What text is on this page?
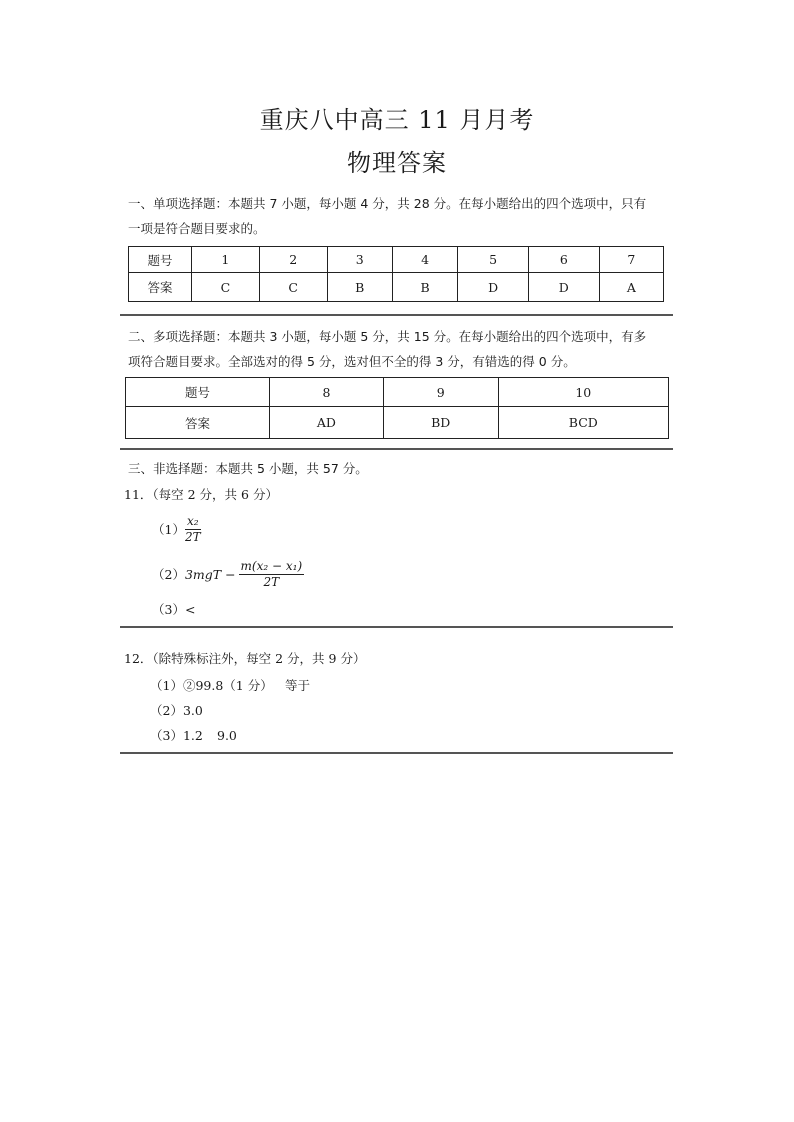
重庆八中高三 11 月月考
物理答案
一、单项选择题：本题共 7 小题，每小题 4 分，共 28 分。在每小题给出的四个选项中，只有
一项是符合题目要求的。
题号	1	2	3	4	5	6	7
答案	C	C	B	B	D	D	A
二、多项选择题：本题共 3 小题，每小题 5 分，共 15 分。在每小题给出的四个选项中，有多
项符合题目要求。全部选对的得 5 分，选对但不全的得 3 分，有错选的得 0 分。
题号	8	9	10
答案	AD	BD	BCD
三、非选择题：本题共 5 小题，共 57 分。
11．（每空 2 分，共 6 分）
$(1) \frac{\text{x₂}}{2T}$
（2） $3mgT - \frac{\text{m(x₂ − x₁)}}{2T}$
（3）<
12．（除特殊标注外，每空 2 分，共 9 分）
（1）②99.8（1 分） 等于
（2）3.0
（3）1.2 9.0
